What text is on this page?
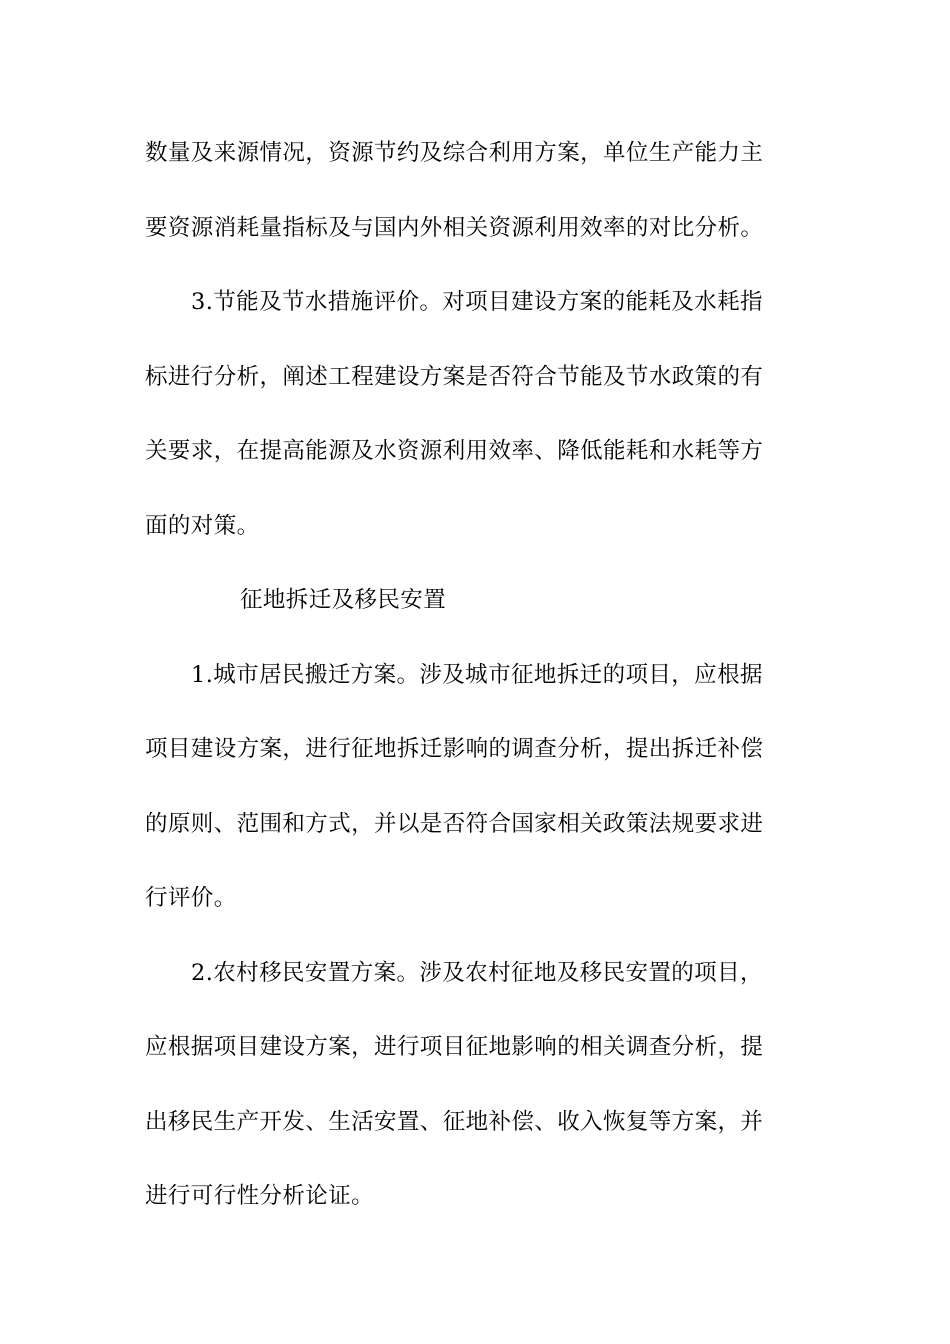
数量及来源情况，资源节约及综合利用方案，单位生产能力主
要资源消耗量指标及与国内外相关资源利用效率的对比分析。
3.节能及节水措施评价。对项目建设方案的能耗及水耗指
标进行分析，阐述工程建设方案是否符合节能及节水政策的有
关要求，在提高能源及水资源利用效率、降低能耗和水耗等方
面的对策。
征地拆迁及移民安置
1.城市居民搬迁方案。涉及城市征地拆迁的项目，应根据
项目建设方案，进行征地拆迁影响的调查分析，提出拆迁补偿
的原则、范围和方式，并以是否符合国家相关政策法规要求进
行评价。
2.农村移民安置方案。涉及农村征地及移民安置的项目，
应根据项目建设方案，进行项目征地影响的相关调查分析，提
出移民生产开发、生活安置、征地补偿、收入恢复等方案，并
进行可行性分析论证。
